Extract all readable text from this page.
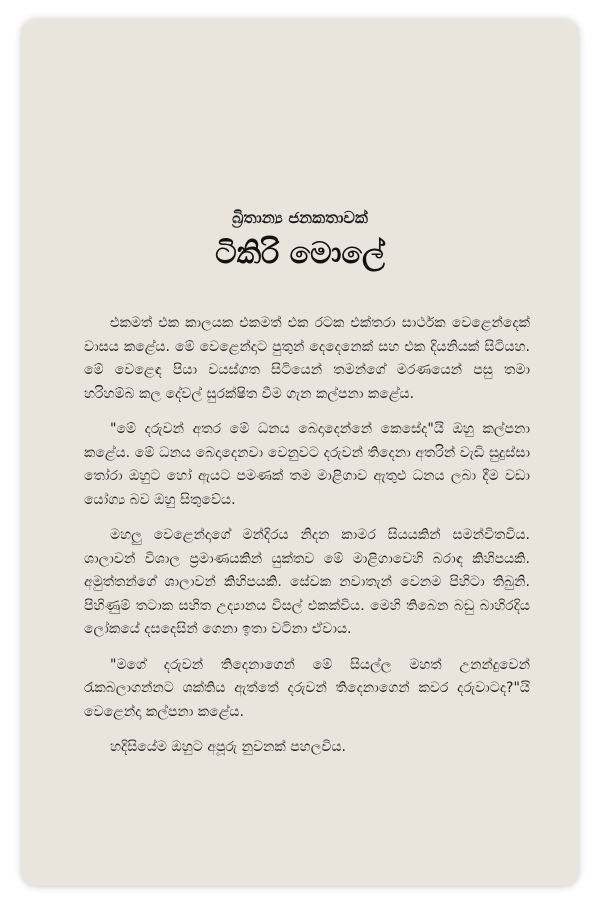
බ්‍රිතාන්‍ය ජනකතාවක්
ටිකිරි මොලේ

එකමත් එක කාලයක එකමත් එක රටක එක්තරා සාර්ථක වෙළෙන්දෙක් වාසය කළේය. මේ වෙළෙන්දාට පුතුන් දෙදෙනෙක් සහ එක දියනියක් සිටියහ. මේ වෙළෙඳ පියා වයස්ගත සිටියෙන් තමන්ගේ මරණයෙන් පසු තමා හරිහම්බ කල දේවල් සුරක්ෂිත වීම ගැන කල්පනා කළේය.

"මේ දරුවන් අතර මේ ධනය බෙදාදෙන්නේ කෙසේද"යි ඔහු කල්පනා කළේය. මේ ධනය බෙදාදෙනවා වෙනුවට දරුවන් තිදෙනා අතරින් වැඩි සුදුස්සා තෝරා ඔහුට හෝ ඇයට පමණක් තම මාළිගාව ඇතුළු ධනය ලබා දීම වඩා යෝග්‍ය බව ඔහු සිතුවේය.

මහලු වෙළෙන්දාගේ මන්දිරය නිදන කාමර සියයකින් සමන්විතවිය. ශාලාවන් විශාල ප්‍රමාණයකින් යුක්තව මේ මාළිගාවෙහි බරාඳ කිහිපයකි. අමුත්තන්ගේ ශාලාවන් කිහිපයකි. සේවක නවාතැන් වෙනම පිහිටා තිබුනි. පිහිණුම් තටාක සහිත උද්‍යානය විසල් එකක්විය. මෙහි තිබෙන බඩු බාහිරදිය ලෝකයේ දසදෙසින් ගෙනා ඉතා වටිනා ඒවාය.

"මගේ දරුවන් තිදෙනාගෙන් මේ සියල්ල මහත් උනන්දුවෙන් රැකබලාගන්නට ශක්තිය ඇත්තේ දරුවන් තිදෙනාගෙන් කවර දරුවාටද?"යි වෙළෙන්දා කල්පනා කළේය.

හදිසියේම ඔහුට අපූරු නුවනක් පහලවිය.
